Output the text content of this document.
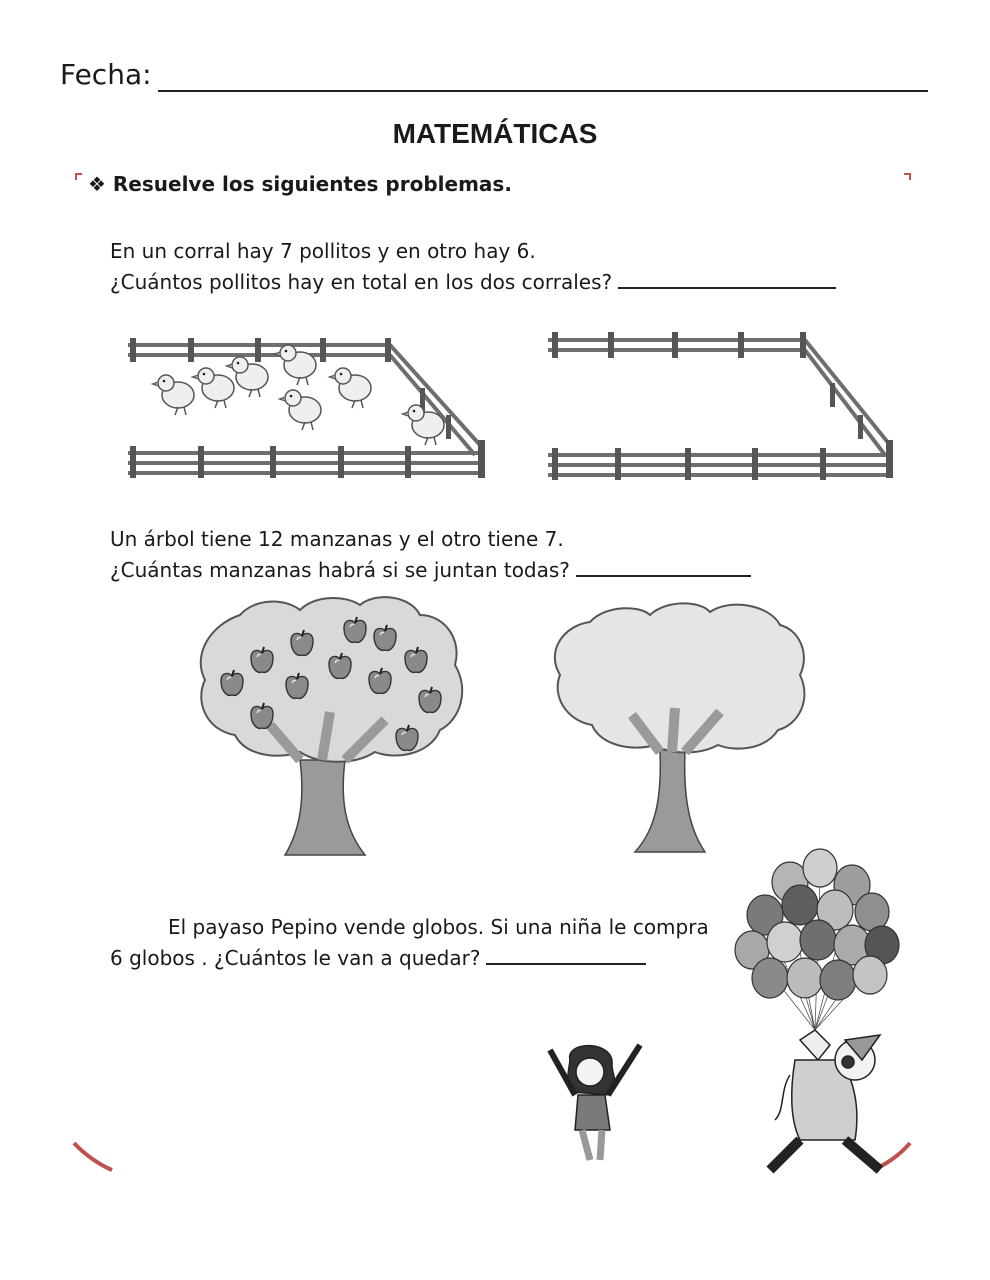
Fecha:
MATEMÁTICAS
❖ Resuelve los siguientes problemas.
En un corral hay 7 pollitos y en otro hay 6.
¿Cuántos pollitos hay en total en los dos corrales?
Un árbol tiene 12 manzanas y el otro tiene 7.
¿Cuántas manzanas habrá si se juntan todas?
El payaso Pepino vende globos. Si una niña le compra
6 globos . ¿Cuántos le van a quedar?
